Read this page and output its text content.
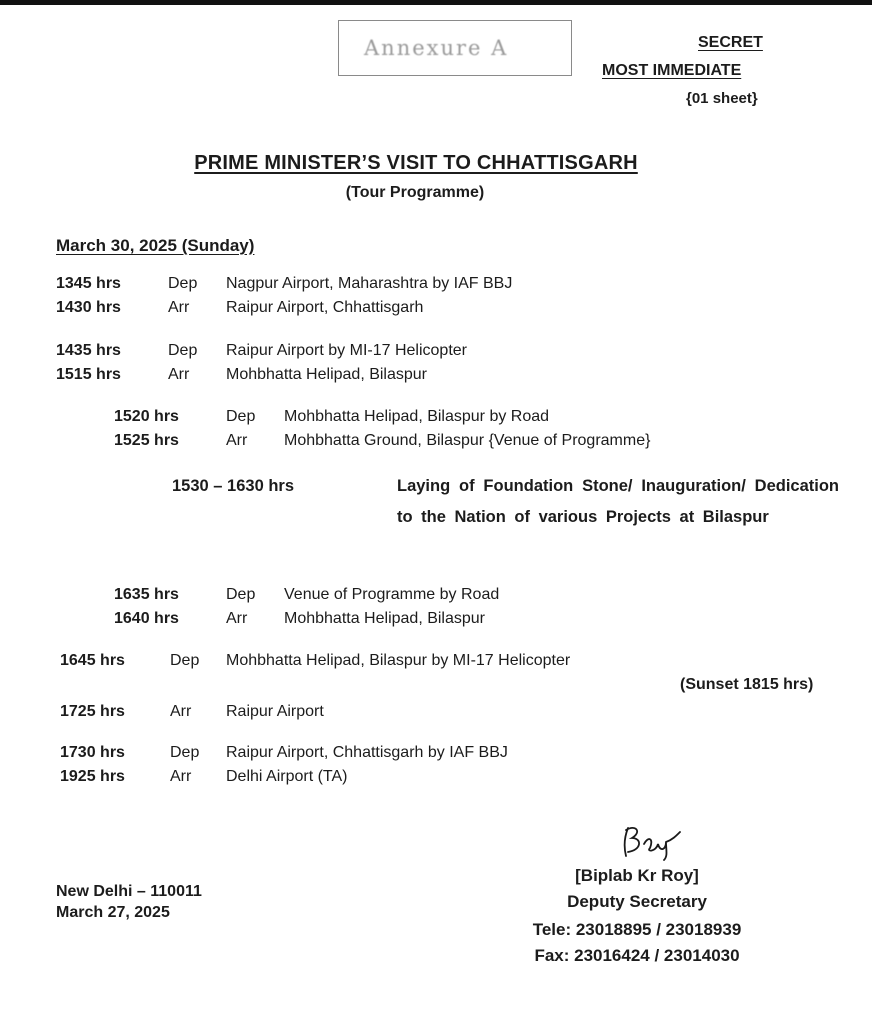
Annexure A	SECRET
MOST IMMEDIATE
{01 sheet}
PRIME MINISTER’S VISIT TO CHHATTISGARH
(Tour Programme)
March 30, 2025 (Sunday)
1345 hrs	Dep Nagpur Airport, Maharashtra by IAF BBJ
1430 hrs	Arr Raipur Airport, Chhattisgarh
1435 hrs	Dep Raipur Airport by MI-17 Helicopter
1515 hrs	Arr Mohbhatta Helipad, Bilaspur
1520 hrs	Dep Mohbhatta Helipad, Bilaspur by Road
1525 hrs	Arr Mohbhatta Ground, Bilaspur {Venue of Programme}
1530 – 1630 hrs	Laying of Foundation Stone/ Inauguration/ Dedication to the Nation of various Projects at Bilaspur
1635 hrs	Dep Venue of Programme by Road
1640 hrs	Arr Mohbhatta Helipad, Bilaspur
1645 hrs	Dep Mohbhatta Helipad, Bilaspur by MI-17 Helicopter
(Sunset 1815 hrs)
1725 hrs	Arr Raipur Airport
1730 hrs	Dep Raipur Airport, Chhattisgarh by IAF BBJ
1925 hrs	Arr Delhi Airport (TA)
New Delhi – 110011
March 27, 2025
[Biplab Kr Roy]
Deputy Secretary
Tele: 23018895 / 23018939
Fax: 23016424 / 23014030
